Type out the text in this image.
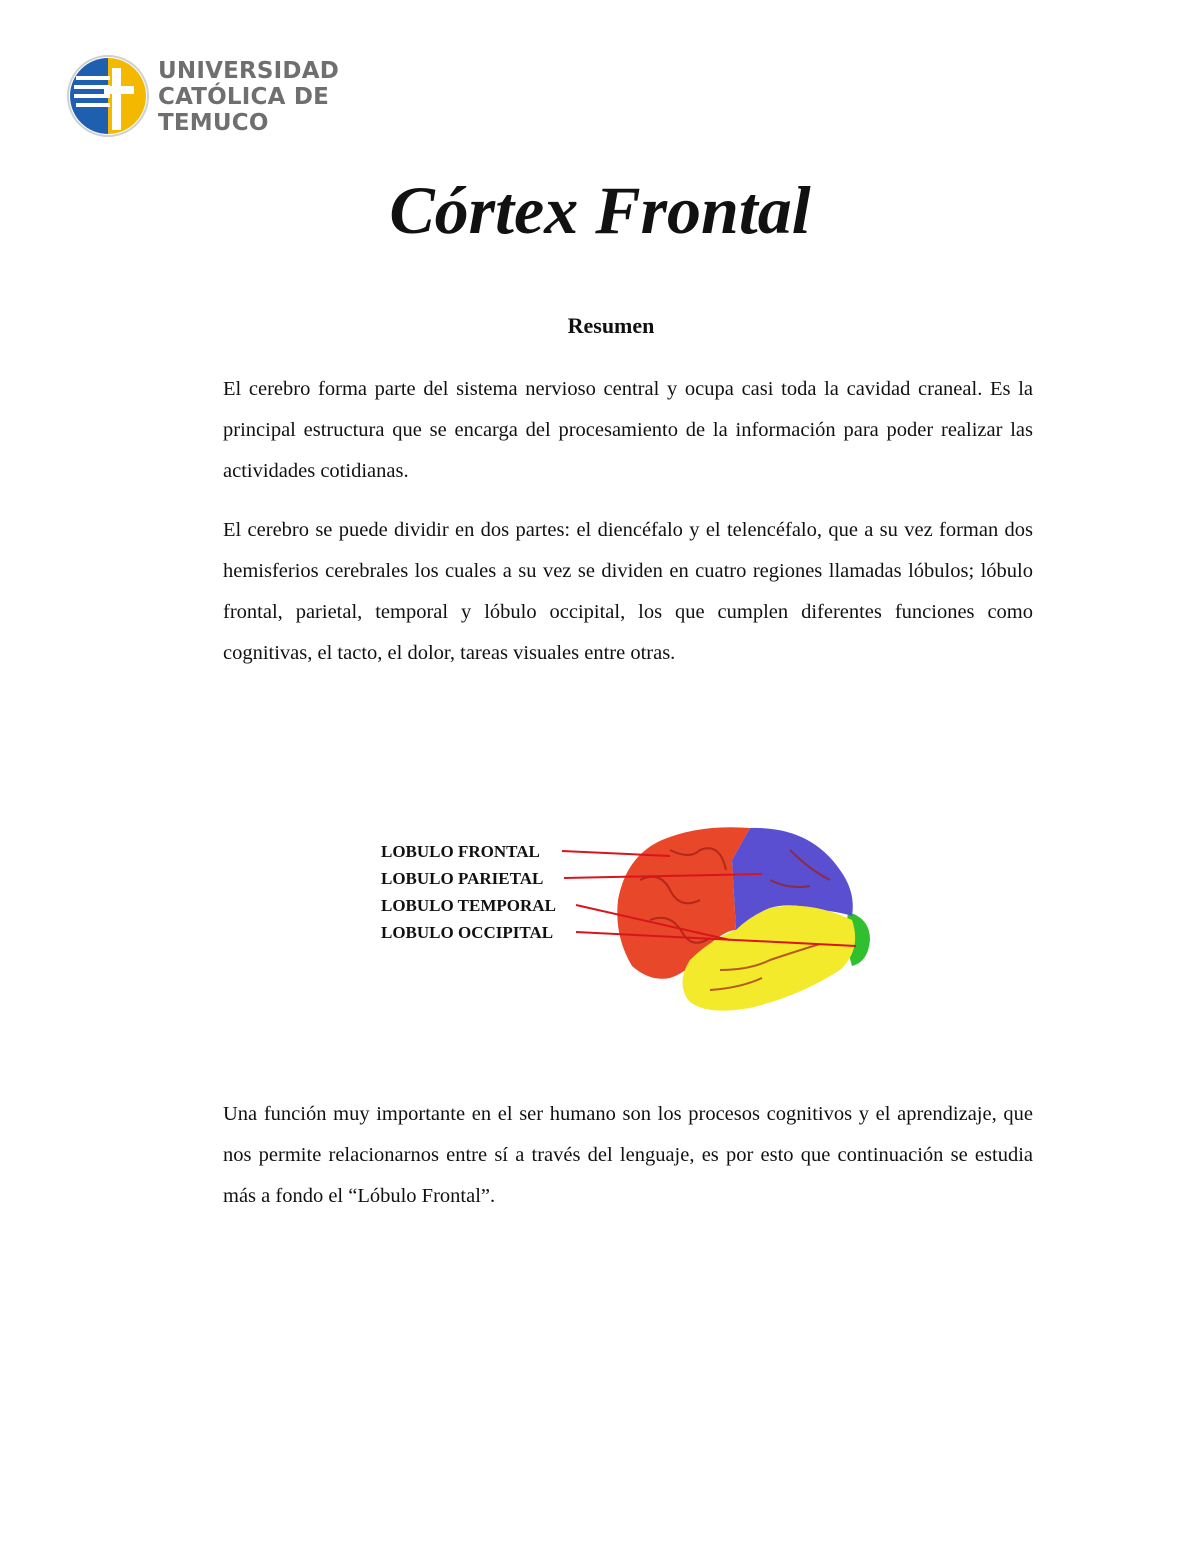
UNIVERSIDAD
CATÓLICA DE
TEMUCO
Córtex Frontal
Resumen

El cerebro forma parte del sistema nervioso central y ocupa casi toda la cavidad craneal. Es la principal estructura que se encarga del procesamiento de la información para poder realizar las actividades cotidianas.

El cerebro se puede dividir en dos partes: el diencéfalo y el telencéfalo, que a su vez forman dos hemisferios cerebrales los cuales a su vez se dividen en cuatro regiones llamadas lóbulos; lóbulo frontal, parietal, temporal y lóbulo occipital, los que cumplen diferentes funciones como cognitivas, el tacto, el dolor, tareas visuales entre otras.

LOBULO FRONTAL
LOBULO PARIETAL
LOBULO TEMPORAL
LOBULO OCCIPITAL

Una función muy importante en el ser humano son los procesos cognitivos y el aprendizaje, que nos permite relacionarnos entre sí a través del lenguaje, es por esto que continuación se estudia más a fondo el “Lóbulo Frontal”.
